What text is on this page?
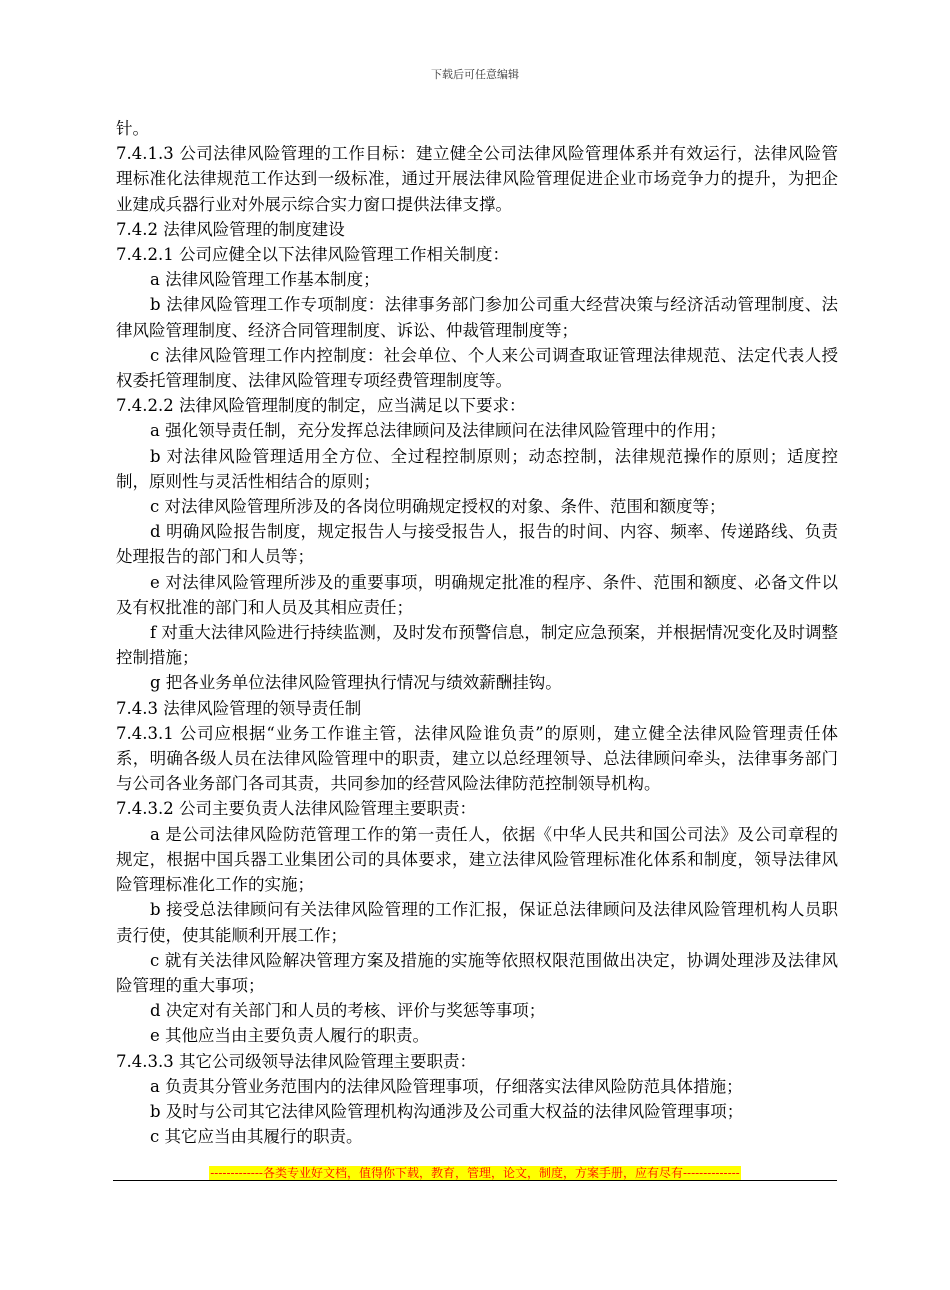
下载后可任意编辑

针。

7.4.1.3 公司法律风险管理的工作目标：建立健全公司法律风险管理体系并有效运行，法律风险管理标准化法律规范工作达到一级标准，通过开展法律风险管理促进企业市场竞争力的提升，为把企业建成兵器行业对外展示综合实力窗口提供法律支撑。

7.4.2 法律风险管理的制度建设

7.4.2.1 公司应健全以下法律风险管理工作相关制度：

a 法律风险管理工作基本制度；

b 法律风险管理工作专项制度：法律事务部门参加公司重大经营决策与经济活动管理制度、法律风险管理制度、经济合同管理制度、诉讼、仲裁管理制度等；

c 法律风险管理工作内控制度：社会单位、个人来公司调查取证管理法律规范、法定代表人授权委托管理制度、法律风险管理专项经费管理制度等。

7.4.2.2 法律风险管理制度的制定，应当满足以下要求：

a 强化领导责任制，充分发挥总法律顾问及法律顾问在法律风险管理中的作用；

b 对法律风险管理适用全方位、全过程控制原则；动态控制，法律规范操作的原则；适度控制，原则性与灵活性相结合的原则；

c 对法律风险管理所涉及的各岗位明确规定授权的对象、条件、范围和额度等；

d 明确风险报告制度，规定报告人与接受报告人，报告的时间、内容、频率、传递路线、负责处理报告的部门和人员等；

e 对法律风险管理所涉及的重要事项，明确规定批准的程序、条件、范围和额度、必备文件以及有权批准的部门和人员及其相应责任；

f 对重大法律风险进行持续监测，及时发布预警信息，制定应急预案，并根据情况变化及时调整控制措施；

g 把各业务单位法律风险管理执行情况与绩效薪酬挂钩。

7.4.3 法律风险管理的领导责任制

7.4.3.1 公司应根据“业务工作谁主管，法律风险谁负责”的原则，建立健全法律风险管理责任体系，明确各级人员在法律风险管理中的职责，建立以总经理领导、总法律顾问牵头，法律事务部门与公司各业务部门各司其责，共同参加的经营风险法律防范控制领导机构。

7.4.3.2 公司主要负责人法律风险管理主要职责：

a 是公司法律风险防范管理工作的第一责任人，依据《中华人民共和国公司法》及公司章程的规定，根据中国兵器工业集团公司的具体要求，建立法律风险管理标准化体系和制度，领导法律风险管理标准化工作的实施；

b 接受总法律顾问有关法律风险管理的工作汇报，保证总法律顾问及法律风险管理机构人员职责行使，使其能顺利开展工作；

c 就有关法律风险解决管理方案及措施的实施等依照权限范围做出决定，协调处理涉及法律风险管理的重大事项；

d 决定对有关部门和人员的考核、评价与奖惩等事项；

e 其他应当由主要负责人履行的职责。

7.4.3.3 其它公司级领导法律风险管理主要职责：

a 负责其分管业务范围内的法律风险管理事项，仔细落实法律风险防范具体措施；

b 及时与公司其它法律风险管理机构沟通涉及公司重大权益的法律风险管理事项；

c 其它应当由其履行的职责。

-------------各类专业好文档，值得你下载，教育，管理，论文，制度，方案手册，应有尽有--------------
